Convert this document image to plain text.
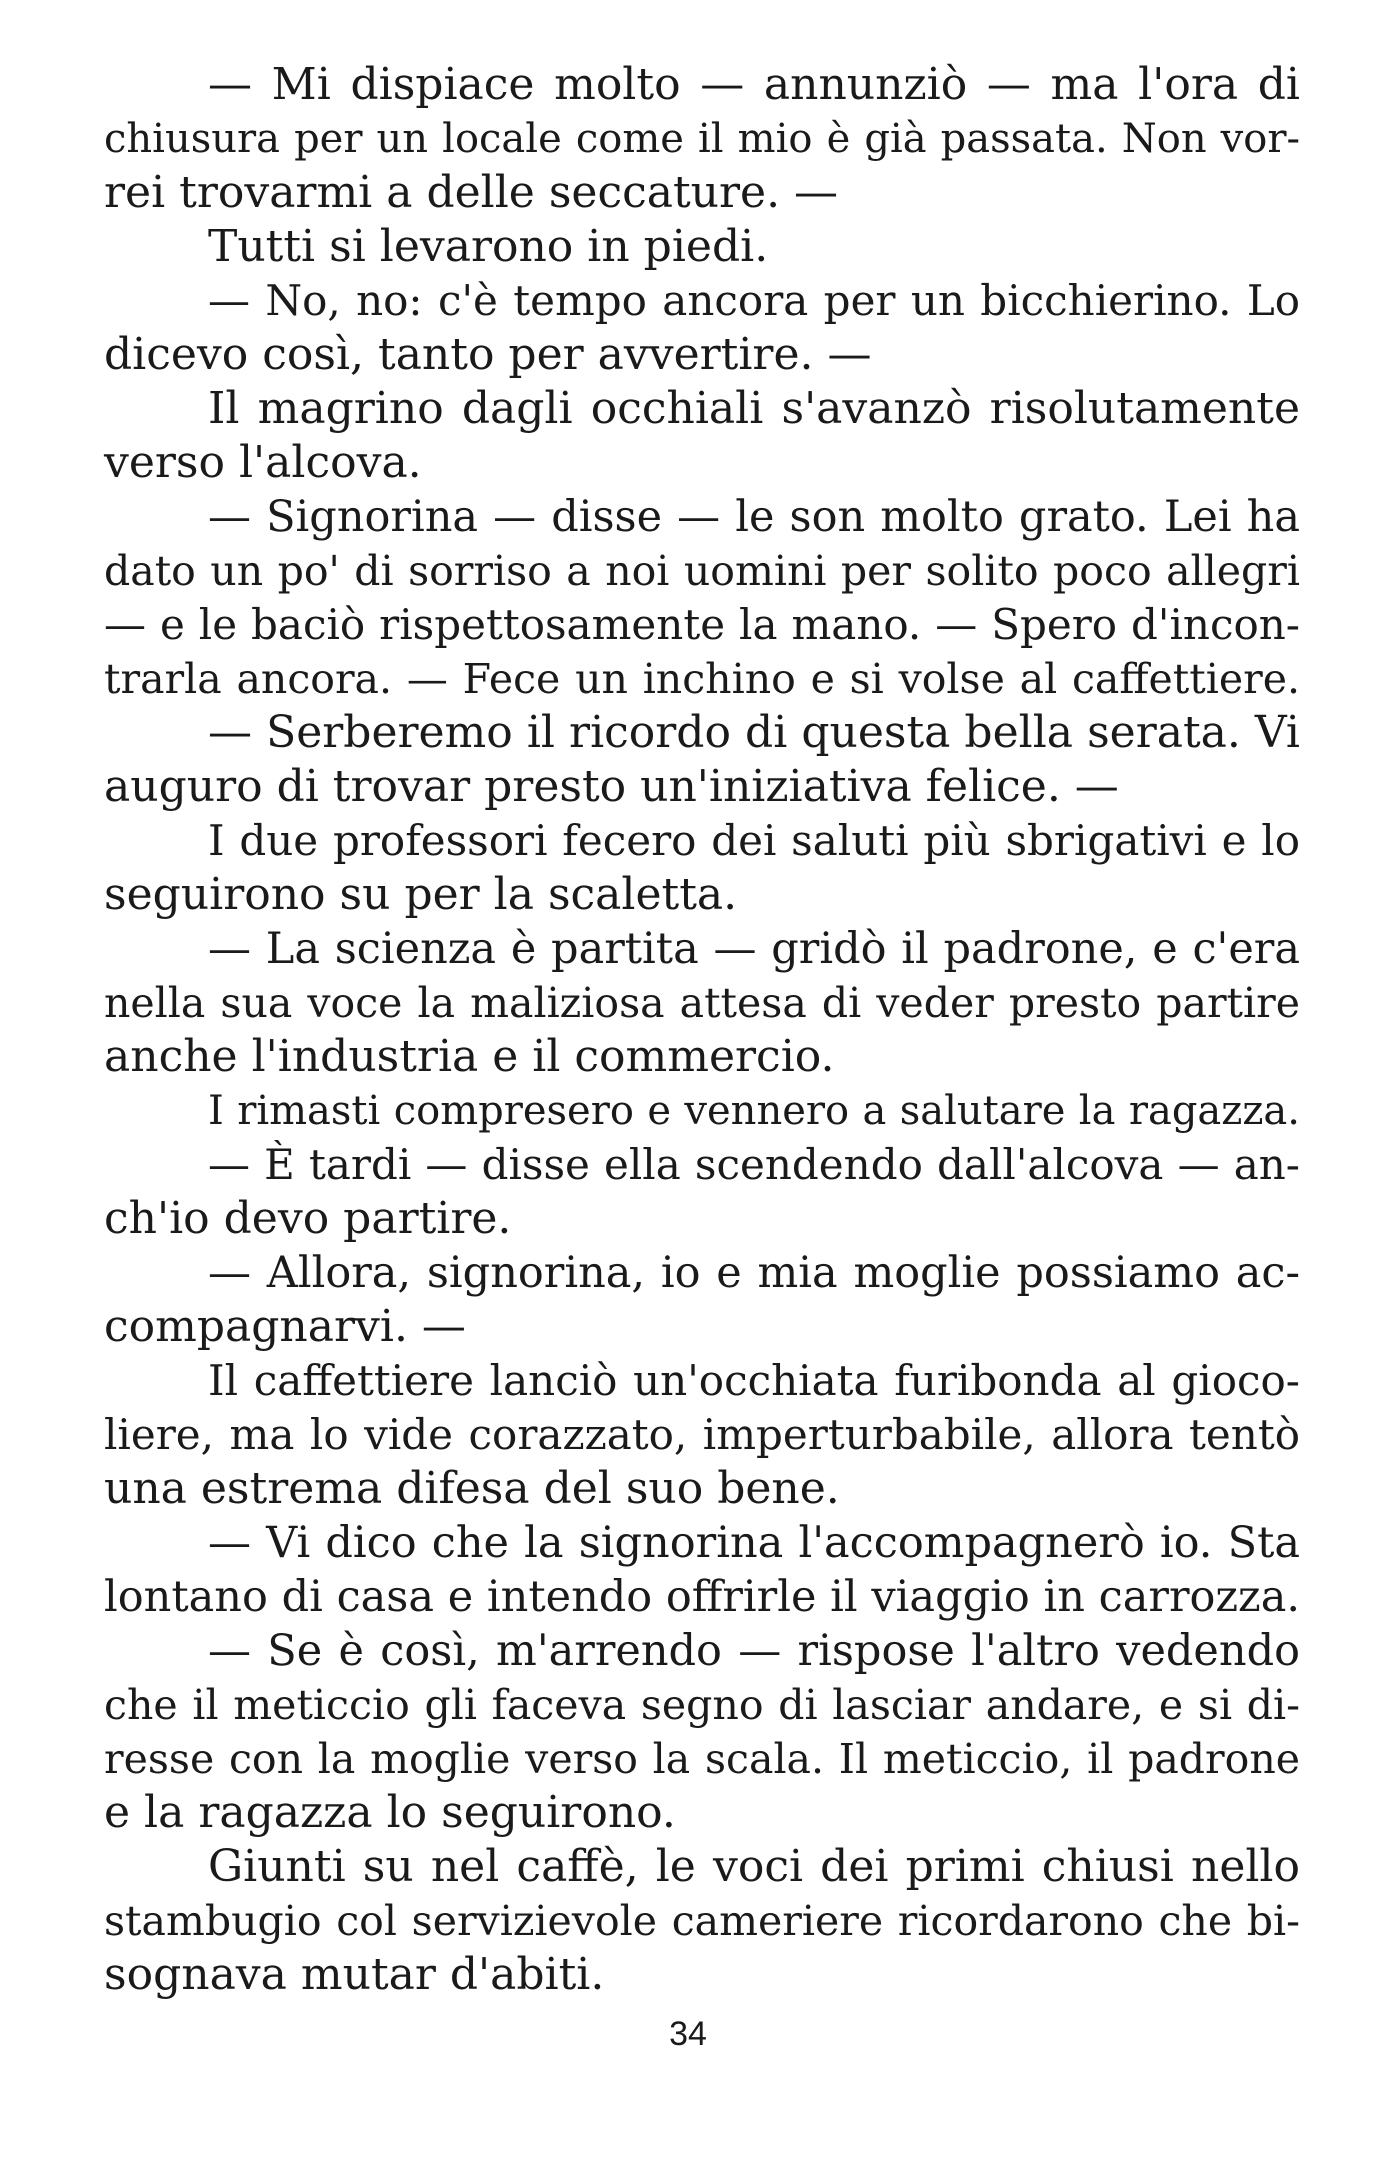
— Mi dispiace molto — annunziò — ma l'ora di
chiusura per un locale come il mio è già passata. Non vor-
rei trovarmi a delle seccature. —
Tutti si levarono in piedi.
— No, no: c'è tempo ancora per un bicchierino. Lo
dicevo così, tanto per avvertire. —
Il magrino dagli occhiali s'avanzò risolutamente
verso l'alcova.
— Signorina — disse — le son molto grato. Lei ha
dato un po' di sorriso a noi uomini per solito poco allegri
— e le baciò rispettosamente la mano. — Spero d'incon-
trarla ancora. — Fece un inchino e si volse al caffettiere.
— Serberemo il ricordo di questa bella serata. Vi
auguro di trovar presto un'iniziativa felice. —
I due professori fecero dei saluti più sbrigativi e lo
seguirono su per la scaletta.
— La scienza è partita — gridò il padrone, e c'era
nella sua voce la maliziosa attesa di veder presto partire
anche l'industria e il commercio.
I rimasti compresero e vennero a salutare la ragazza.
— È tardi — disse ella scendendo dall'alcova — an-
ch'io devo partire.
— Allora, signorina, io e mia moglie possiamo ac-
compagnarvi. —
Il caffettiere lanciò un'occhiata furibonda al gioco-
liere, ma lo vide corazzato, imperturbabile, allora tentò
una estrema difesa del suo bene.
— Vi dico che la signorina l'accompagnerò io. Sta
lontano di casa e intendo offrirle il viaggio in carrozza.
— Se è così, m'arrendo — rispose l'altro vedendo
che il meticcio gli faceva segno di lasciar andare, e si di-
resse con la moglie verso la scala. Il meticcio, il padrone
e la ragazza lo seguirono.
Giunti su nel caffè, le voci dei primi chiusi nello
stambugio col servizievole cameriere ricordarono che bi-
sognava mutar d'abiti.
34
